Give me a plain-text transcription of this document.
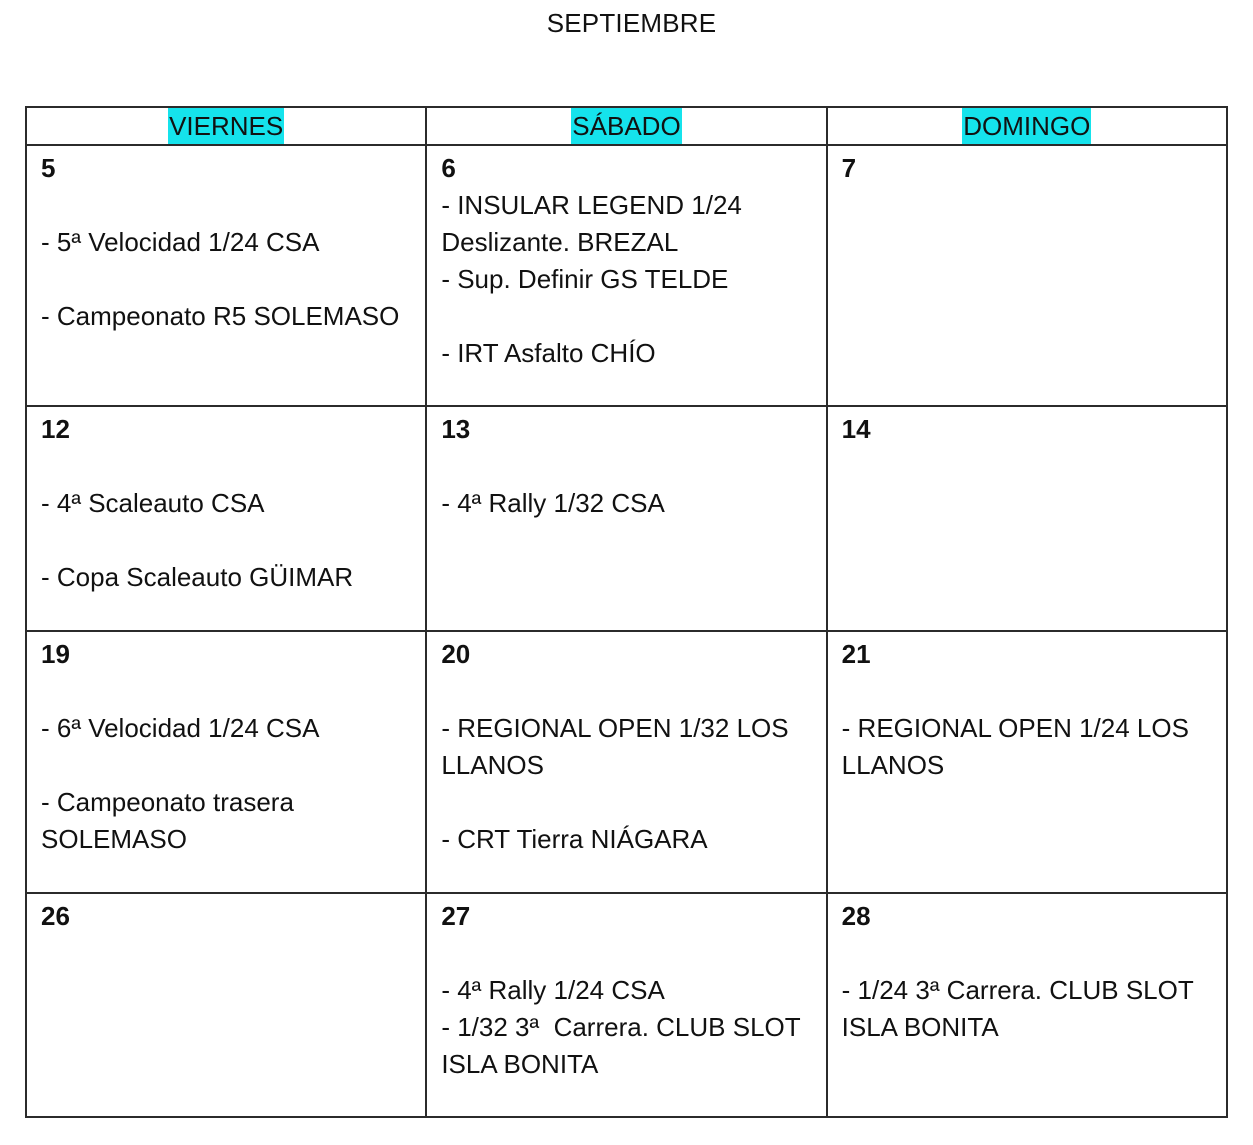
SEPTIEMBRE
VIERNES	SÁBADO	DOMINGO

5
- 5ª Velocidad 1/24 CSA
- Campeonato R5 SOLEMASO	6
- INSULAR LEGEND 1/24
Deslizante. BREZAL
- Sup. Definir GS TELDE
- IRT Asfalto CHÍO	7

12
- 4ª Scaleauto CSA
- Copa Scaleauto GÜIMAR	13
- 4ª Rally 1/32 CSA	14

19
- 6ª Velocidad 1/24 CSA
- Campeonato trasera
SOLEMASO	20
- REGIONAL OPEN 1/32 LOS
LLANOS
- CRT Tierra NIÁGARA	21
- REGIONAL OPEN 1/24 LOS
LLANOS

26	27
- 4ª Rally 1/24 CSA
- 1/32 3ª  Carrera. CLUB SLOT
ISLA BONITA	28
- 1/24 3ª Carrera. CLUB SLOT
ISLA BONITA
